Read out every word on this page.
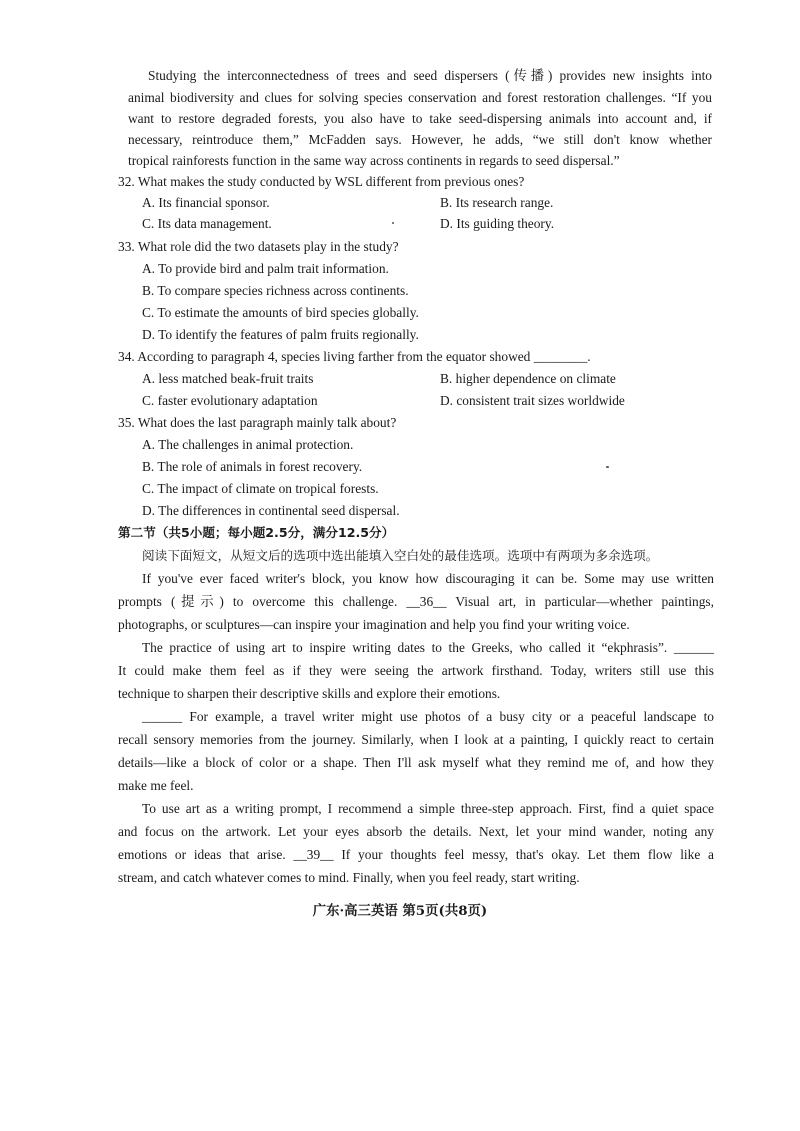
Studying the interconnectedness of trees and seed dispersers (传播) provides new insights into
animal biodiversity and clues for solving species conservation and forest restoration challenges. “If you
want to restore degraded forests, you also have to take seed-dispersing animals into account and, if
necessary, reintroduce them,” McFadden says. However, he adds, “we still don't know whether
tropical rainforests function in the same way across continents in regards to seed dispersal.”
32. What makes the study conducted by WSL different from previous ones?
A. Its financial sponsor.	B. Its research range.
C. Its data management.	D. Its guiding theory.
33. What role did the two datasets play in the study?
A. To provide bird and palm trait information.
B. To compare species richness across continents.
C. To estimate the amounts of bird species globally.
D. To identify the features of palm fruits regionally.
34. According to paragraph 4, species living farther from the equator showed ________.
A. less matched beak-fruit traits	B. higher dependence on climate
C. faster evolutionary adaptation	D. consistent trait sizes worldwide
35. What does the last paragraph mainly talk about?
A. The challenges in animal protection.
B. The role of animals in forest recovery.
C. The impact of climate on tropical forests.
D. The differences in continental seed dispersal.
第二节（共5小题；每小题2.5分，满分12.5分）
阅读下面短文，从短文后的选项中选出能填入空白处的最佳选项。选项中有两项为多余选项。
If you've ever faced writer's block, you know how discouraging it can be. Some may use written
prompts (提示) to overcome this challenge. __36__ Visual art, in particular—whether paintings,
photographs, or sculptures—can inspire your imagination and help you find your writing voice.
The practice of using art to inspire writing dates to the Greeks, who called it “ekphrasis”. ______
It could make them feel as if they were seeing the artwork firsthand. Today, writers still use this
technique to sharpen their descriptive skills and explore their emotions.
______ For example, a travel writer might use photos of a busy city or a peaceful landscape to
recall sensory memories from the journey. Similarly, when I look at a painting, I quickly react to certain
details—like a block of color or a shape. Then I'll ask myself what they remind me of, and how they
make me feel.
To use art as a writing prompt, I recommend a simple three-step approach. First, find a quiet space
and focus on the artwork. Let your eyes absorb the details. Next, let your mind wander, noting any
emotions or ideas that arise. __39__ If your thoughts feel messy, that's okay. Let them flow like a
stream, and catch whatever comes to mind. Finally, when you feel ready, start writing.
广东·高三英语 第5页(共8页)
